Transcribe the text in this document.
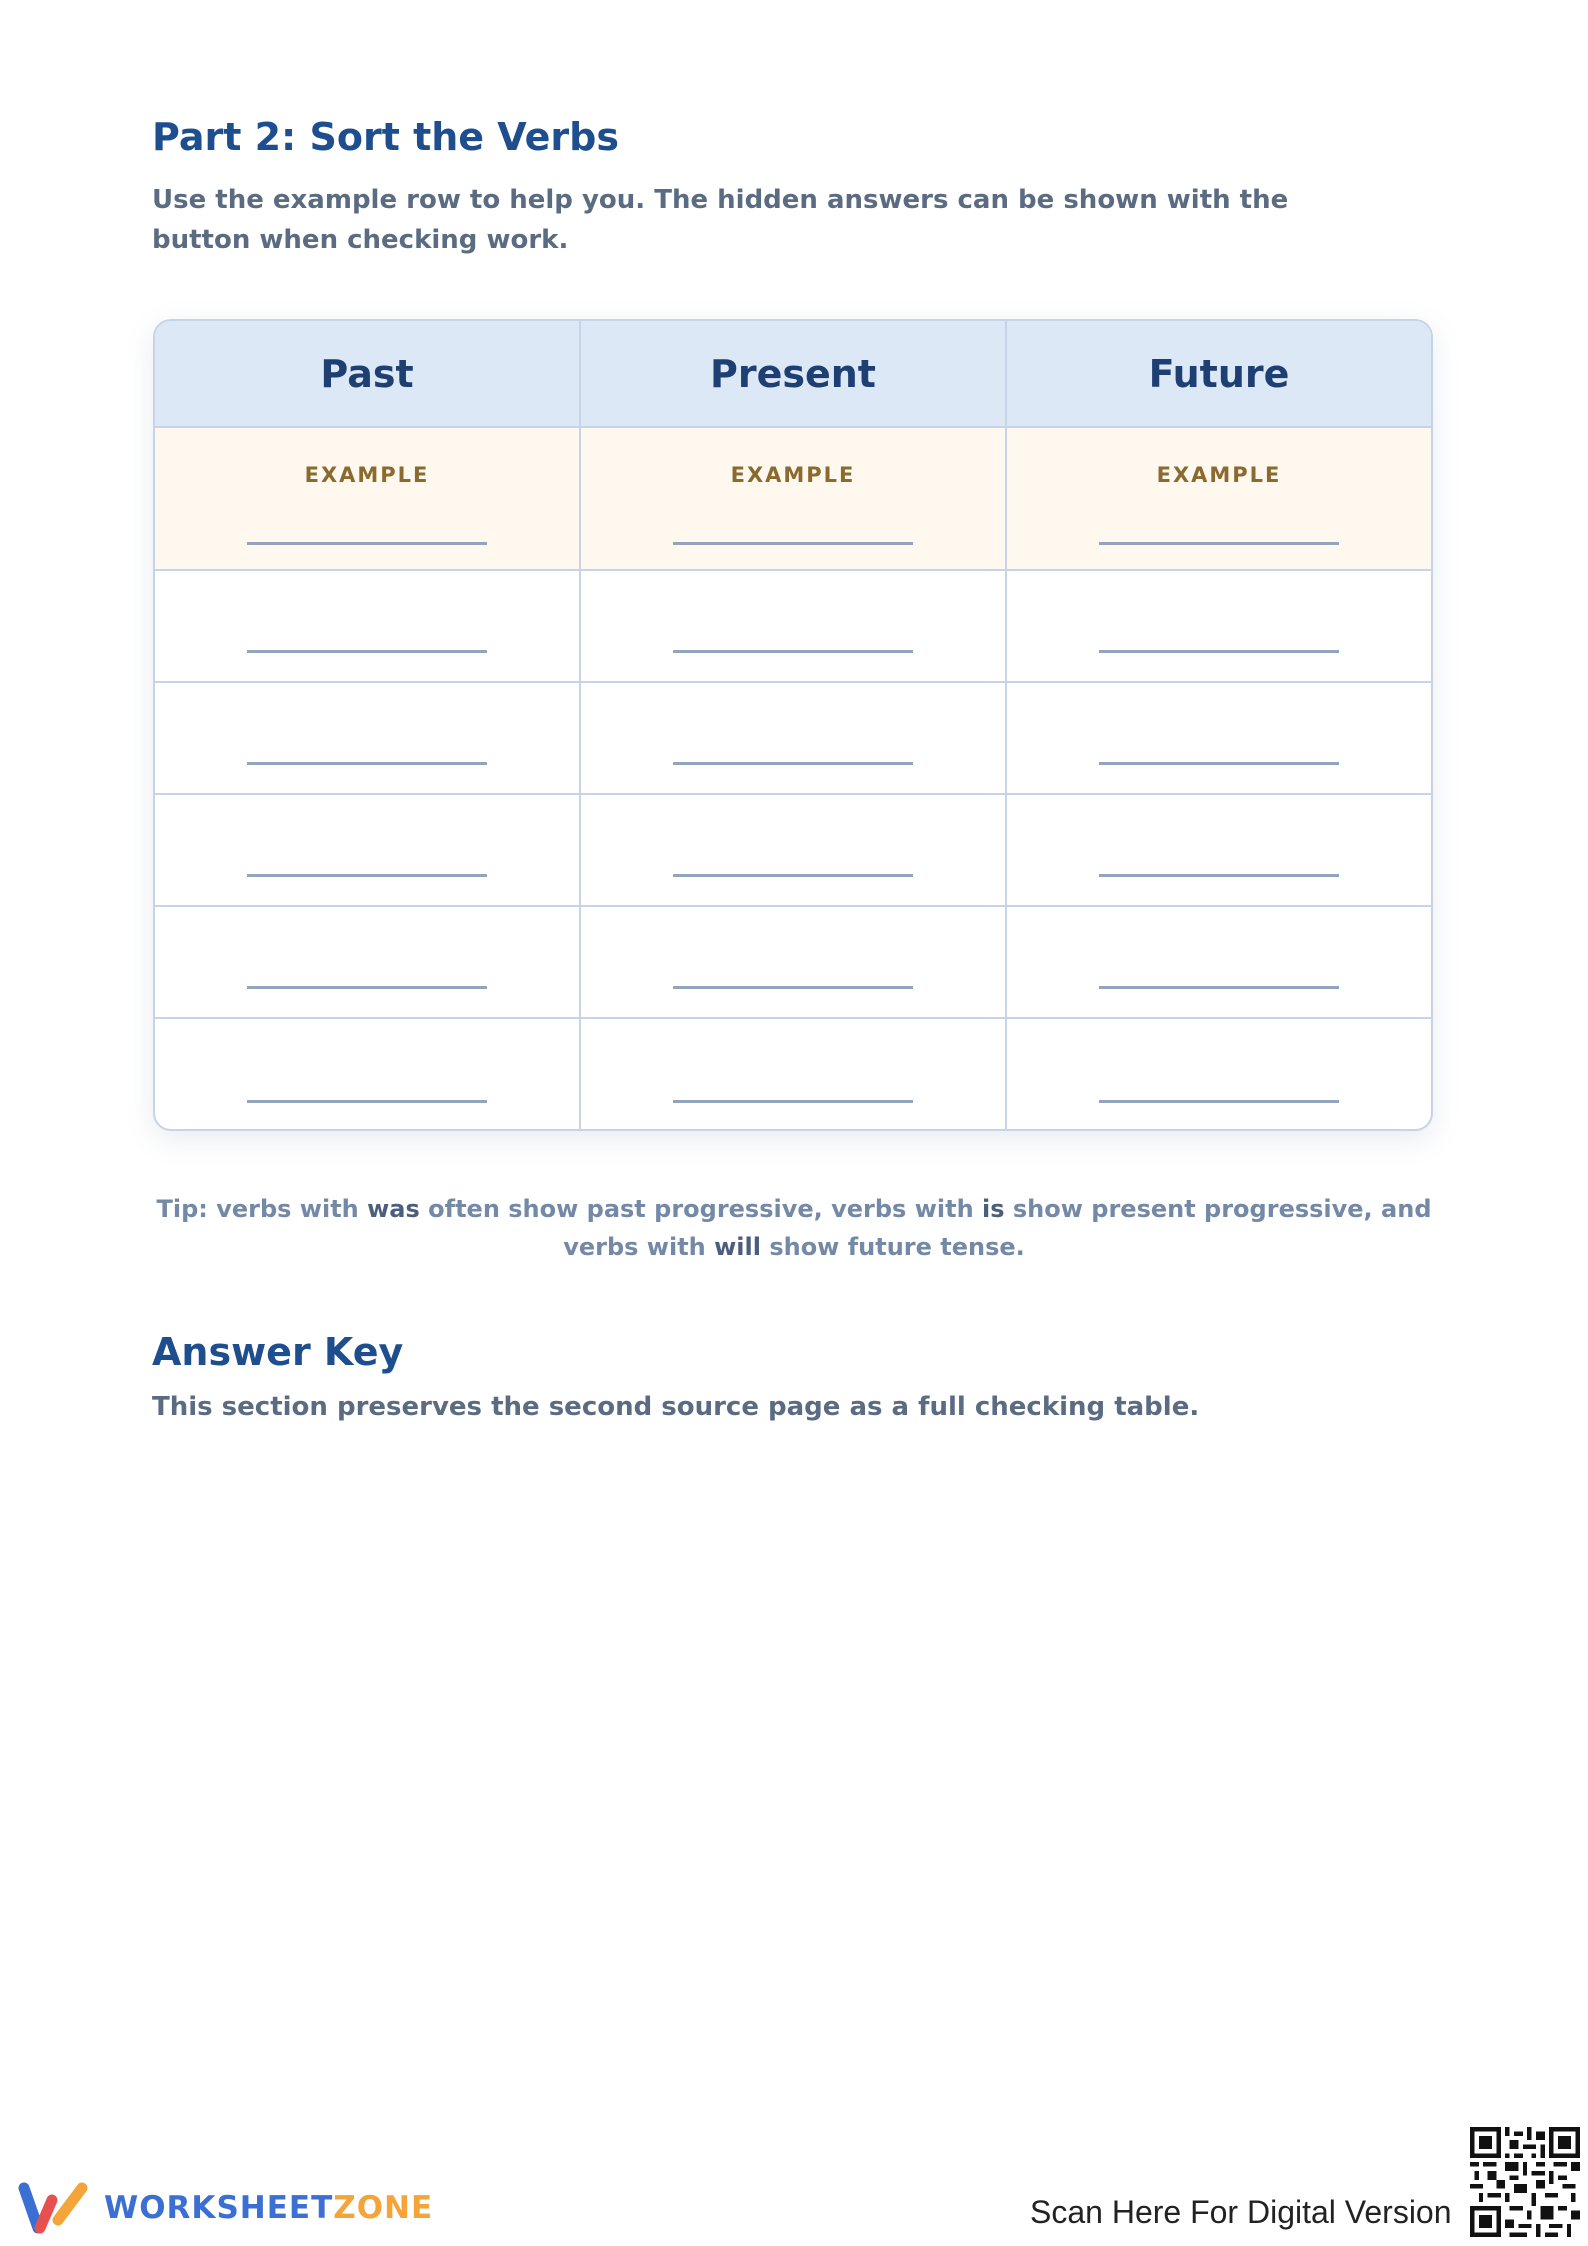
Part 2: Sort the Verbs

Use the example row to help you. The hidden answers can be shown with the button when checking work.

Past	Present	Future
EXAMPLE	EXAMPLE	EXAMPLE

Tip: verbs with was often show past progressive, verbs with is show present progressive, and verbs with will show future tense.

Answer Key

This section preserves the second source page as a full checking table.

WORKSHEETZONE	Scan Here For Digital Version
